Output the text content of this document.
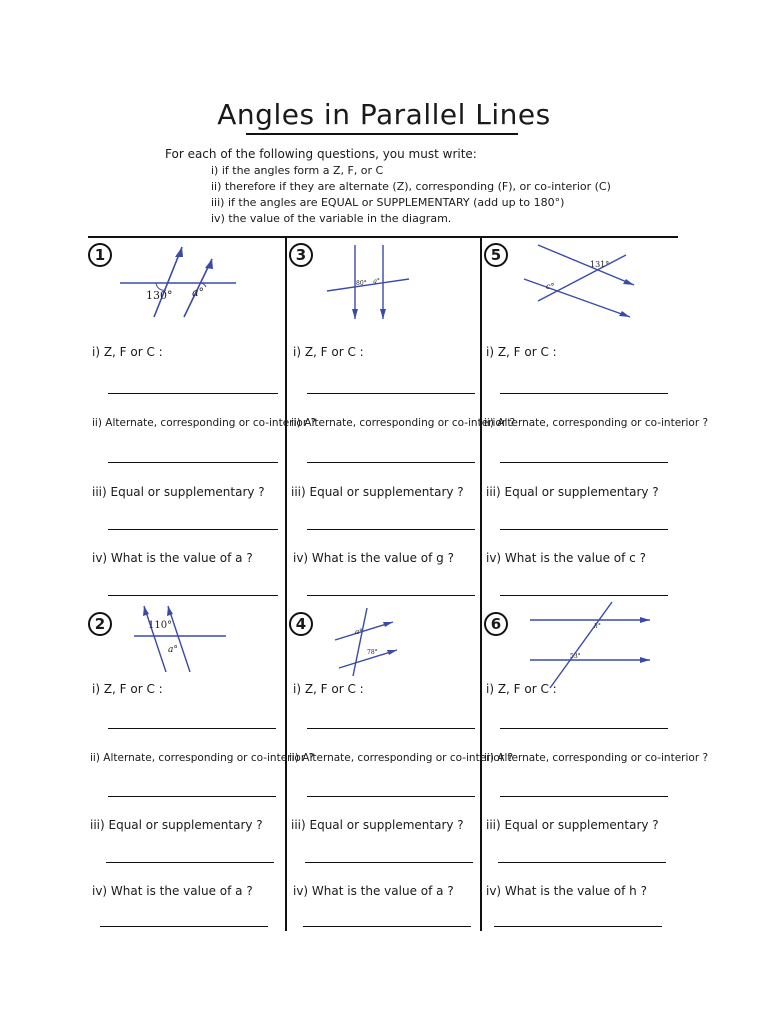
Angles in Parallel Lines
For each of the following questions, you must write:
i) if the angles form a Z, F, or C
ii) therefore if they are alternate (Z), corresponding (F), or co-interior (C)
iii) if the angles are EQUAL or SUPPLEMENTARY (add up to 180°)
iv) the value of the variable in the diagram.
1
130° a°
i) Z, F or C :
ii) Alternate, corresponding or co-interior ?
iii) Equal or supplementary ?
iv) What is the value of a ?
3
80° g°
i) Z, F or C :
ii) Alternate, corresponding or co-interior ?
iii) Equal or supplementary ?
iv) What is the value of g ?
5
131°
c°
i) Z, F or C :
ii) Alternate, corresponding or co-interior ?
iii) Equal or supplementary ?
iv) What is the value of c ?
2	110°
a°
i) Z, F or C :
ii) Alternate, corresponding or co-interior ?
iii) Equal or supplementary ?
iv) What is the value of a ?
4	a°
78°
i) Z, F or C :
ii) Alternate, corresponding or co-interior ?
iii) Equal or supplementary ?
iv) What is the value of a ?
6	h°
53°
i) Z, F or C :
ii) Alternate, corresponding or co-interior ?
iii) Equal or supplementary ?
iv) What is the value of h ?
